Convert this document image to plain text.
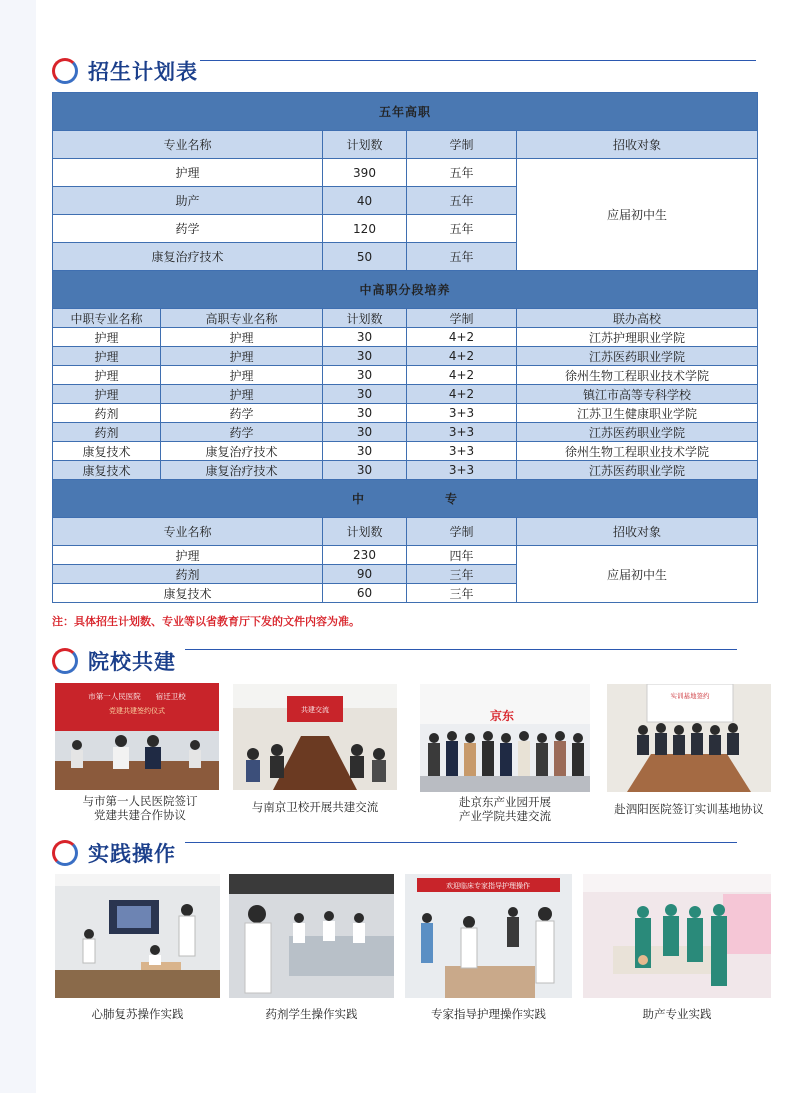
招生计划表
五年高职			
专业名称	计划数	学制	招收对象
护理	390	五年	应届初中生
助产	40	五年	
药学	120	五年	
康复治疗技术	50	五年	
中高职分段培养				
中职专业名称	高职专业名称	计划数	学制	联办高校
护理	护理	30	4+2	江苏护理职业学院
护理	护理	30	4+2	江苏医药职业学院
护理	护理	30	4+2	徐州生物工程职业技术学院
护理	护理	30	4+2	镇江市高等专科学校
药剂	药学	30	3+3	江苏卫生健康职业学院
药剂	药学	30	3+3	江苏医药职业学院
康复技术	康复治疗技术	30	3+3	徐州生物工程职业技术学院
康复技术	康复治疗技术	30	3+3	江苏医药职业学院
中 专			
专业名称	计划数	学制	招收对象
护理	230	四年	应届初中生
药剂	90	三年	
康复技术	60	三年	
注：具体招生计划数、专业等以省教育厅下发的文件内容为准。
院校共建
市第一人民医院　　宿迁卫校
党建共建签约仪式
与市第一人民医院签订
党建共建合作协议
共建交流
与南京卫校开展共建交流
京东
赴京东产业园开展
产业学院共建交流
实训基地签约
赴泗阳医院签订实训基地协议
实践操作
心肺复苏操作实践	药剂学生操作实践
欢迎临床专家指导护理操作
专家指导护理操作实践	助产专业实践
